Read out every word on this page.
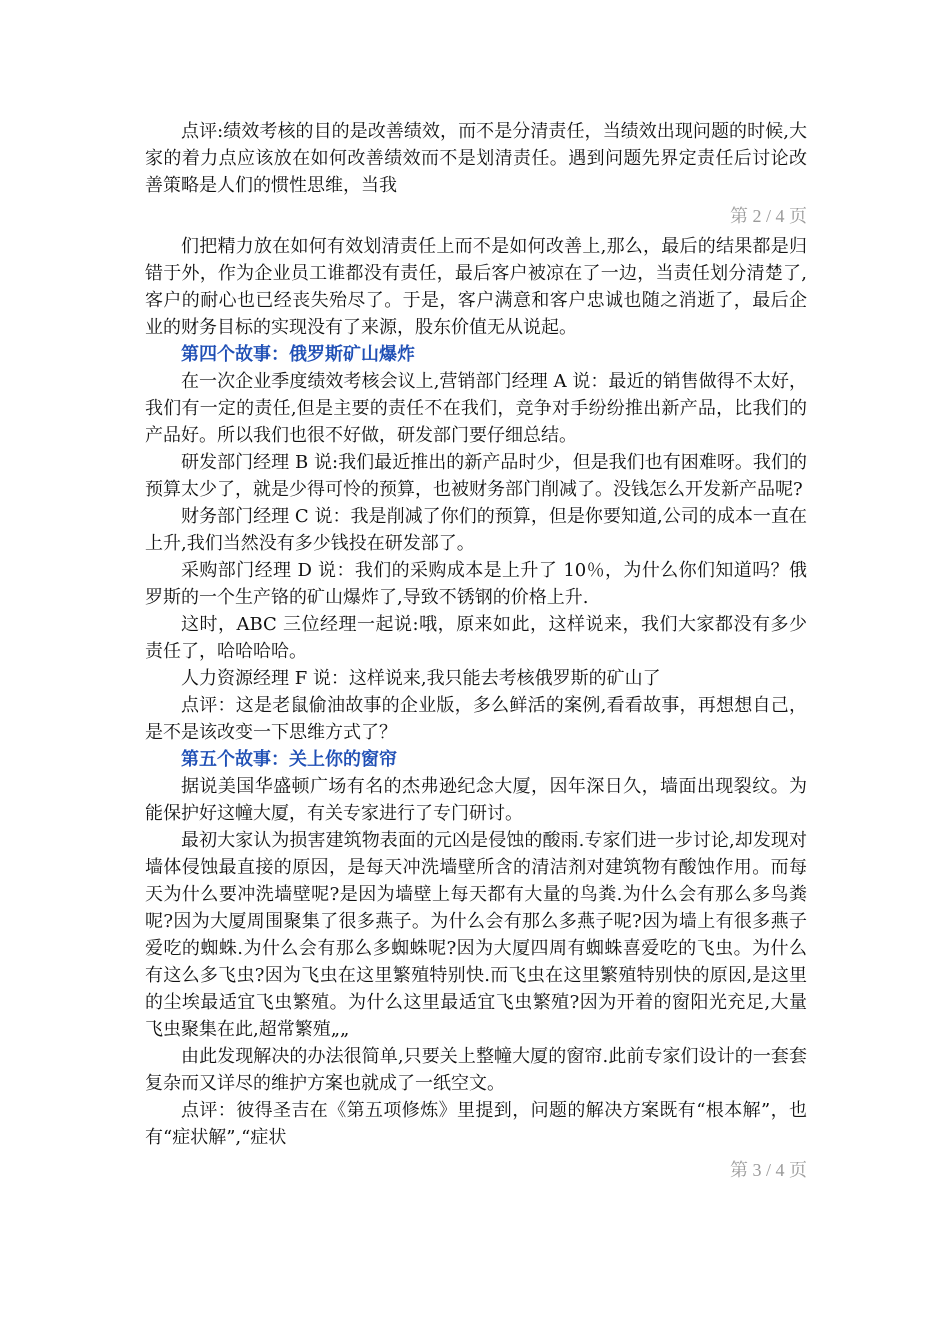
点评:绩效考核的目的是改善绩效，而不是分清责任，当绩效出现问题的时候,大家的着力点应该放在如何改善绩效而不是划清责任。遇到问题先界定责任后讨论改善策略是人们的惯性思维，当我

第 2 / 4 页

们把精力放在如何有效划清责任上而不是如何改善上,那么，最后的结果都是归错于外，作为企业员工谁都没有责任，最后客户被凉在了一边，当责任划分清楚了,客户的耐心也已经丧失殆尽了。于是，客户满意和客户忠诚也随之消逝了，最后企业的财务目标的实现没有了来源，股东价值无从说起。

第四个故事：俄罗斯矿山爆炸

在一次企业季度绩效考核会议上,营销部门经理 A 说：最近的销售做得不太好，我们有一定的责任,但是主要的责任不在我们，竞争对手纷纷推出新产品，比我们的产品好。所以我们也很不好做，研发部门要仔细总结。

研发部门经理 B 说:我们最近推出的新产品时少，但是我们也有困难呀。我们的预算太少了，就是少得可怜的预算，也被财务部门削减了。没钱怎么开发新产品呢?

财务部门经理 C 说：我是削减了你们的预算，但是你要知道,公司的成本一直在上升,我们当然没有多少钱投在研发部了。

采购部门经理 D 说：我们的采购成本是上升了 10％，为什么你们知道吗？俄罗斯的一个生产铬的矿山爆炸了,导致不锈钢的价格上升.

这时，ABC 三位经理一起说:哦，原来如此，这样说来，我们大家都没有多少责任了，哈哈哈哈。

人力资源经理 F 说：这样说来,我只能去考核俄罗斯的矿山了

点评：这是老鼠偷油故事的企业版，多么鲜活的案例,看看故事，再想想自己，是不是该改变一下思维方式了？

第五个故事：关上你的窗帘

据说美国华盛顿广场有名的杰弗逊纪念大厦，因年深日久，墙面出现裂纹。为能保护好这幢大厦，有关专家进行了专门研讨。

最初大家认为损害建筑物表面的元凶是侵蚀的酸雨.专家们进一步讨论,却发现对墙体侵蚀最直接的原因，是每天冲洗墙壁所含的清洁剂对建筑物有酸蚀作用。而每天为什么要冲洗墙壁呢?是因为墙壁上每天都有大量的鸟粪.为什么会有那么多鸟粪呢?因为大厦周围聚集了很多燕子。为什么会有那么多燕子呢?因为墙上有很多燕子爱吃的蜘蛛.为什么会有那么多蜘蛛呢?因为大厦四周有蜘蛛喜爱吃的飞虫。为什么有这么多飞虫?因为飞虫在这里繁殖特别快.而飞虫在这里繁殖特别快的原因,是这里的尘埃最适宜飞虫繁殖。为什么这里最适宜飞虫繁殖?因为开着的窗阳光充足,大量飞虫聚集在此,超常繁殖„„

由此发现解决的办法很简单,只要关上整幢大厦的窗帘.此前专家们设计的一套套复杂而又详尽的维护方案也就成了一纸空文。

点评：彼得圣吉在《第五项修炼》里提到，问题的解决方案既有“根本解”，也有“症状解”,“症状

第 3 / 4 页
